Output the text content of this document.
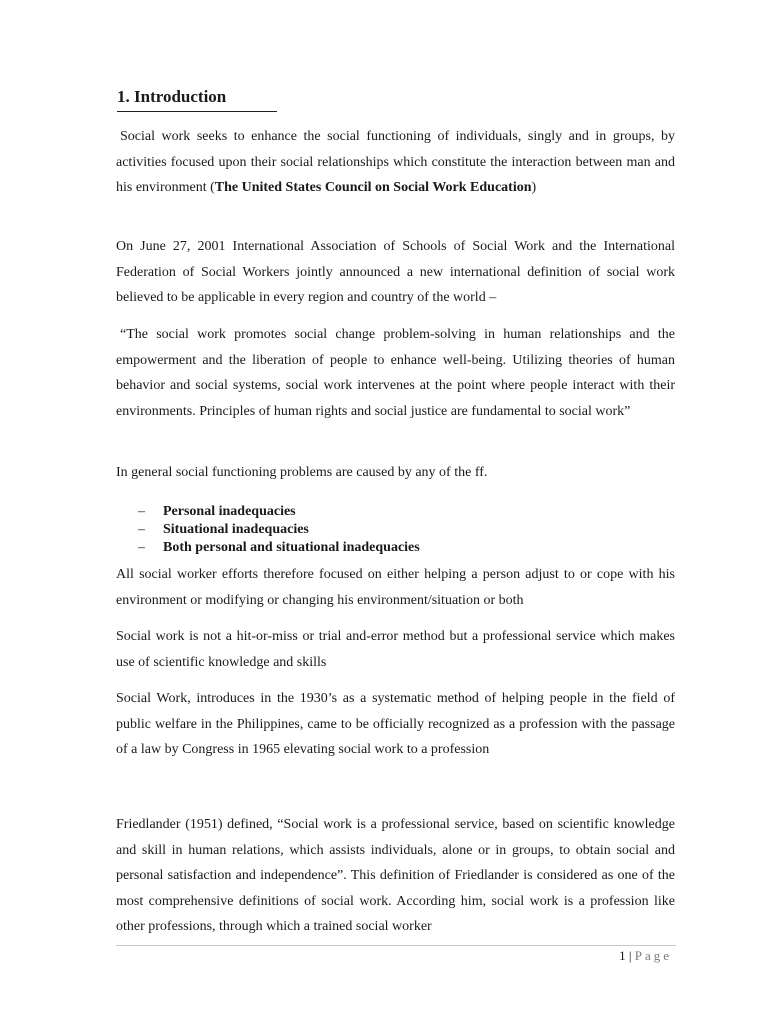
1. Introduction

Social work seeks to enhance the social functioning of individuals, singly and in groups, by activities focused upon their social relationships which constitute the interaction between man and his environment (The United States Council on Social Work Education)

On June 27, 2001 International Association of Schools of Social Work and the International Federation of Social Workers jointly announced a new international definition of social work believed to be applicable in every region and country of the world –

“The social work promotes social change problem-solving in human relationships and the empowerment and the liberation of people to enhance well-being. Utilizing theories of human behavior and social systems, social work intervenes at the point where people interact with their environments. Principles of human rights and social justice are fundamental to social work”

In general social functioning problems are caused by any of the ff.

– Personal inadequacies
– Situational inadequacies
– Both personal and situational inadequacies

All social worker efforts therefore focused on either helping a person adjust to or cope with his environment or modifying or changing his environment/situation or both

Social work is not a hit-or-miss or trial and-error method but a professional service which makes use of scientific knowledge and skills

Social Work, introduces in the 1930’s as a systematic method of helping people in the field of public welfare in the Philippines, came to be officially recognized as a profession with the passage of a law by Congress in 1965 elevating social work to a profession

Friedlander (1951) defined, “Social work is a professional service, based on scientific knowledge and skill in human relations, which assists individuals, alone or in groups, to obtain social and personal satisfaction and independence”. This definition of Friedlander is considered as one of the most comprehensive definitions of social work. According him, social work is a profession like other professions, through which a trained social worker

1 | Page
